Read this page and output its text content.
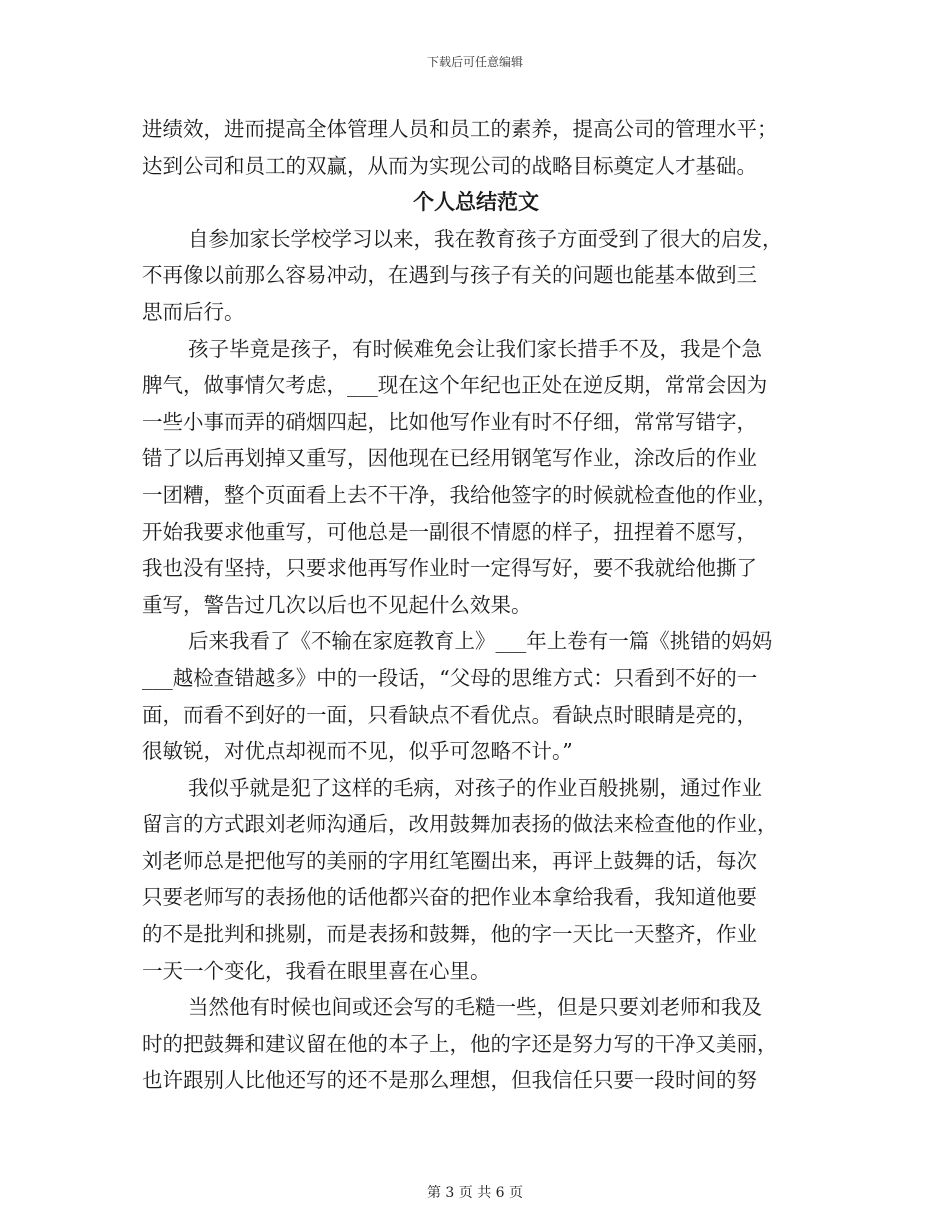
下载后可任意编辑
进绩效，进而提高全体管理人员和员工的素养，提高公司的管理水平；
达到公司和员工的双赢，从而为实现公司的战略目标奠定人才基础。
个人总结范文
自参加家长学校学习以来，我在教育孩子方面受到了很大的启发，
不再像以前那么容易冲动，在遇到与孩子有关的问题也能基本做到三
思而后行。
孩子毕竟是孩子，有时候难免会让我们家长措手不及，我是个急
脾气，做事情欠考虑，___现在这个年纪也正处在逆反期，常常会因为
一些小事而弄的硝烟四起，比如他写作业有时不仔细，常常写错字，
错了以后再划掉又重写，因他现在已经用钢笔写作业，涂改后的作业
一团糟，整个页面看上去不干净，我给他签字的时候就检查他的作业，
开始我要求他重写，可他总是一副很不情愿的样子，扭捏着不愿写，
我也没有坚持，只要求他再写作业时一定得写好，要不我就给他撕了
重写，警告过几次以后也不见起什么效果。
后来我看了《不输在家庭教育上》___年上卷有一篇《挑错的妈妈
___越检查错越多》中的一段话，“父母的思维方式：只看到不好的一
面，而看不到好的一面，只看缺点不看优点。看缺点时眼睛是亮的，
很敏锐，对优点却视而不见，似乎可忽略不计。”
我似乎就是犯了这样的毛病，对孩子的作业百般挑剔，通过作业
留言的方式跟刘老师沟通后，改用鼓舞加表扬的做法来检查他的作业，
刘老师总是把他写的美丽的字用红笔圈出来，再评上鼓舞的话，每次
只要老师写的表扬他的话他都兴奋的把作业本拿给我看，我知道他要
的不是批判和挑剔，而是表扬和鼓舞，他的字一天比一天整齐，作业
一天一个变化，我看在眼里喜在心里。
当然他有时候也间或还会写的毛糙一些，但是只要刘老师和我及
时的把鼓舞和建议留在他的本子上，他的字还是努力写的干净又美丽，
也许跟别人比他还写的还不是那么理想，但我信任只要一段时间的努
第 3 页 共 6 页
